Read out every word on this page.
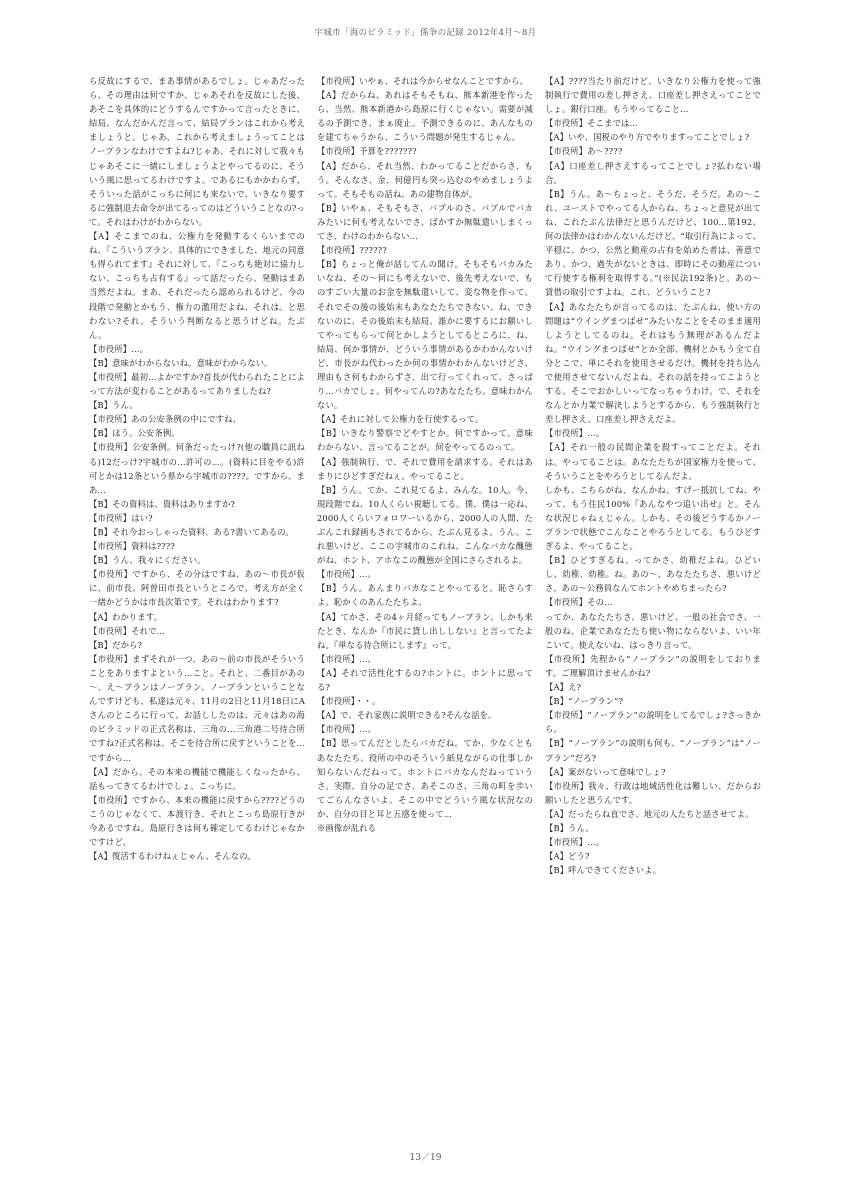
宇城市「海のピラミッド」係争の記録 2012年4月〜8月

ら反故にするで、まあ事情があるでしょ。じゃあだったら、その理由は何ですか、じゃあそれを反故にした後、あそこを具体的にどうするんですかって言ったときに、結局、なんだかんだ言って、結局プランはこれから考えましょうと。じゃあ、これから考えましょうってことはノープランなわけですよね?じゃあ、それに対して我々もじゃあそこに一緒にしましょうよとやってるのに、そういう風に思ってるわけですよ。であるにもかかわらず、そういった話がこっちに何にも来ないで、いきなり要するに強制退去命令が出てるってのはどういうことなの?って。それはわけがわからない。

【A】そこまでのね、公権力を発動するくらいまでのね、『こういうプラン、具体的にできました、地元の同意も得られてます』それに対して、『こっちも絶対に協力しない、こっちも占有する』って話だったら、発動はまあ当然だよね。まあ、それだったら認められるけど、今の段階で発動とかもう、権力の濫用だよね、それは。と思わない?それ。そういう判断なると思うけどね。たぶん。

【市役所】…。

【B】意味がわからないね。意味がわからない。

【市役所】最初…よかですか?首長が代わられたことによって方法が変わることがあるってありましたね?

【B】うん。

【市役所】あの公安条例の中にですね、

【B】ほう。公安条例。

【市役所】公安条例。何条だったっけ?(他の職員に訊ねる)12だっけ?宇城市の…許可の…。(資料に目をやる)許可とかは12条という県から宇城市の????。ですから、まあ…

【B】その資料は、資料はありますか?

【市役所】はい?

【B】それ今おっしゃった資料、ある?書いてあるの。

【市役所】資料は????

【B】うん、我々にください。

【市役所】ですから、その分はですね、あの～市長が仮に、前市長、阿曽田市長というところで、考え方が全く一緒かどうかは市長次第です。それはわかります?

【A】わかります。

【市役所】それで…

【B】だから?

【市役所】まずそれが一つ。あの～前の市長がそういうことをありますよという…こと。それと、二番目があの～、え～プランはノープラン、ノープランということなんですけども、私達は元々、11月の2日と11月18日にAさんのところに行って、お話ししたのは、元々はあの海のピラミッドの正式名称は、三角の…三角港二号待合所ですね?正式名称は。そこを待合所に戻すということを…ですから…

【A】だから、その本来の機能で機能しくなったから、話もってきてるわけでしょ、こっちに。

【市役所】ですから、本来の機能に戻すから????どうのこうのじゃなくて、本渡行き、それとこっち島原行きが今あるですね。島原行きは何も確定してるわけじゃなかですけど。

【A】復活するわけねぇじゃん、そんなの。

【市役所】いやぁ、それは今からせなんことですから。

【A】だからね、あれはそもそもね、熊本新港を作ったら、当然、熊本新港から島原に行くじゃない。需要が減るの予測でき、まぁ廃止。予測できるのに、あんなものを建てちゃうから、こういう問題が発生するじゃん。

【市役所】予算を???????

【A】だから、それ当然、わかってることだからさ、もう。そんなさ、金、何億円も突っ込むのやめましょうよって。そもそもの話ね。あの建物自体が。

【B】いやぁ、そもそもさ、バブルのさ、バブルでバカみたいに何も考えないでさ、ばかすか無駄遣いしまくってさ、わけのわからない…

【市役所】??????

【B】ちょっと俺が話してんの聞け。そもそもバカみたいなね、その～何にも考えないで、後先考えないで、ものすごい大量のお金を無駄遣いして、変な物を作って、それでその後の後始末もあなたたちできない、ね、できないのに、その後始末も結局、誰かに要するにお願いしてやってもらって何とかしようとしてるところに、ね、結局、何か事情が、どういう事情があるかわかんないけど、市長がね代わったか何の事情かわかんないけどさ、理由もさ何もわからずさ、出て行ってくれって、さっぱり…バカでしょ。何やってんの?あなたたち。意味わかんない。

【A】それに対して公権力を行使するって。

【B】いきなり警察でどやすとか。何ですかって。意味わからない、言ってることが。何をやってるのって。

【A】強制執行、で、それで費用を請求する。それはあまりにひどすぎだねぇ。やってること。

【B】うん。てか、これ見てるよ、みんな。10人。今、現段階でね、10人くらい視聴してる。僕、僕は一応ね、2000人くらいフォロワーいるから、2000人の人間、たぶんこれ録画もされてるから、たぶん見るよ。うん。これ悪いけど、ここの宇城市のこれね、こんなバカな醜態がね、ホント、アホなこの醜態が全国にさらされるよ。

【市役所】…。

【B】うん。あんまりバカなことやってると。恥さらすよ。恥かくのあんたたちよ。

【A】てかさ、その4ヶ月経ってもノープラン、しかも来たとき、なんか『市民に貸し出ししない』と言ってたよね。『単なる待合所にします』って。

【市役所】…。

【A】それで活性化するの?ホントに。ホントに思ってる?

【市役所】・・。

【A】で、それ家族に説明できる?そんな話を。

【市役所】…。

【B】思ってんだとしたらバカだね。てか、少なくともあなたたち、役所の中のそういう紙見ながらの仕事しか知らないんだねって。ホントにバカなんだねっていうさ。実際、自分の足でさ、あそこのさ、三角の町を歩いてごらんなさいよ。そこの中でどういう風な状況なのか、自分の目と耳と五感を使って…

※画像が乱れる

【A】????当たり前だけど、いきなり公権力を使って強制執行で費用の差し押さえ、口座差し押さえってことでしょ。銀行口座。もうやってること…

【市役所】そこまでは…

【A】いや、国税のやり方でやりますってことでしょ?

【市役所】あ～????

【A】口座差し押さえするってことでしょ?払わない場合。

【B】うん。あ～ちょっと、そうだ、そうだ。あの～これ、ユーストでやってる人からね、ちょっと意見が出てね、これたぶん法律だと思うんだけど、100…第192、何の法律かはわかんないんだけど、“取引行為によって、平穏に、かつ、公然と動産の占有を始めた者は、善意であり、かつ、過失がないときは、即時にその動産について行使する権利を取得する。”(※民法192条)と。あの～賃借の取引ですよね。これ、どういうこと?

【A】あなたたちが言ってるのは、たぶんね、使い方の問題は“ウイングまつばせ”みたいなことをそのまま適用しようとしてるのね。それはもう無理があるんだよね。“ウイングまつばせ”とか全部、機材とかもう全て自分とこで、単にそれを使用させるだけ。機材を持ち込んで使用させてないんだよね。それの話を持ってこようとする。そこでおかしいってなっちゃうわけ。で、それをなんとか力業で解決しようとするから、もう強制執行と差し押さえ。口座差し押さえだよ。

【市役所】…。

【A】それ一般の民間企業を殺すってことだよ。それは。やってることは。あなたたちが国家権力を使って、そういうことをやろうとしてるんだよ。

しかも、こちらがね、なんかね、すげー抵抗してね、やって、もう住民100%『あんなやつ追い出せ』と。そんな状況じゃねぇじゃん。しかも、その後どうするかノープランで状態でこんなことやろうとしてる。もうひどすぎるよ、やってること。

【B】ひどすぎるね。ってかさ、幼稚だよね。ひどいし、幼稚、幼稚。ね。あの～、あなたたちさ、悪いけどさ、あの～公務員なんてホントやめちまったら?

【市役所】その…

ってか、あなたたちさ、悪いけど、一般の社会でさ、一般のね、企業であなたたち使い物にならないよ、いい年こいて。使えないね、はっきり言って。

【市役所】先程から“ノープラン”の説明をしております。ご理解頂けませんかね?

【A】え?

【B】“ノープラン”?

【市役所】“ノープラン”の説明をしてるでしょ?さっきから。

【B】“ノープラン”の説明も何も、“ノープラン”は“ノープラン”だろ?

【A】案がないって意味でしょ?

【市役所】我々、行政は地域活性化は難しい、だからお願いしたと思うんです。

【A】だったらね直でさ、地元の人たちと話させてよ。

【B】うん。

【市役所】…。

【A】どう?

【B】呼んできてくださいよ。

13／19
